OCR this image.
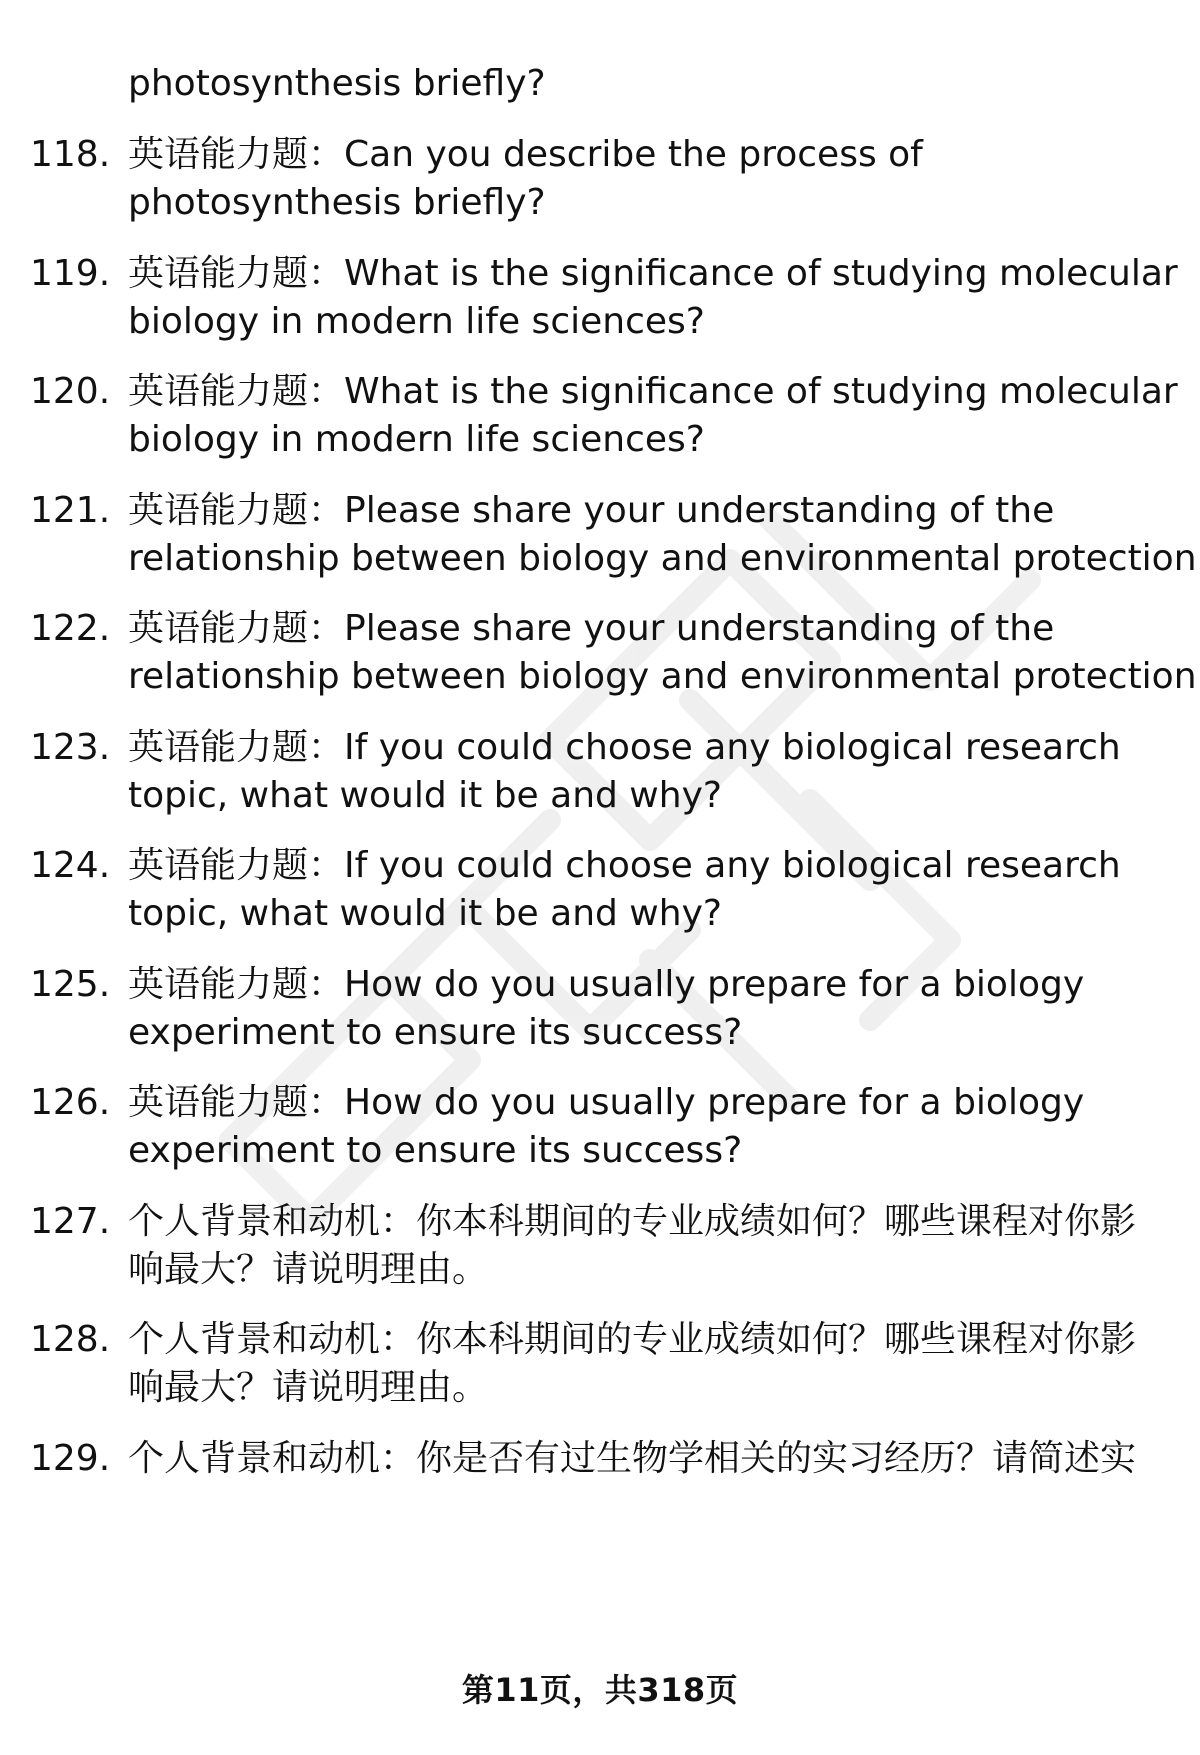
photosynthesis briefly?
118. 英语能力题：Can you describe the process of
photosynthesis briefly?
119. 英语能力题：What is the significance of studying molecular
biology in modern life sciences?
120. 英语能力题：What is the significance of studying molecular
biology in modern life sciences?
121. 英语能力题：Please share your understanding of the
relationship between biology and environmental protection
122. 英语能力题：Please share your understanding of the
relationship between biology and environmental protection
123. 英语能力题：If you could choose any biological research
topic, what would it be and why?
124. 英语能力题：If you could choose any biological research
topic, what would it be and why?
125. 英语能力题：How do you usually prepare for a biology
experiment to ensure its success?
126. 英语能力题：How do you usually prepare for a biology
experiment to ensure its success?
127. 个人背景和动机：你本科期间的专业成绩如何？哪些课程对你影
响最大？请说明理由。
128. 个人背景和动机：你本科期间的专业成绩如何？哪些课程对你影
响最大？请说明理由。
129. 个人背景和动机：你是否有过生物学相关的实习经历？请简述实
第11页，共318页
